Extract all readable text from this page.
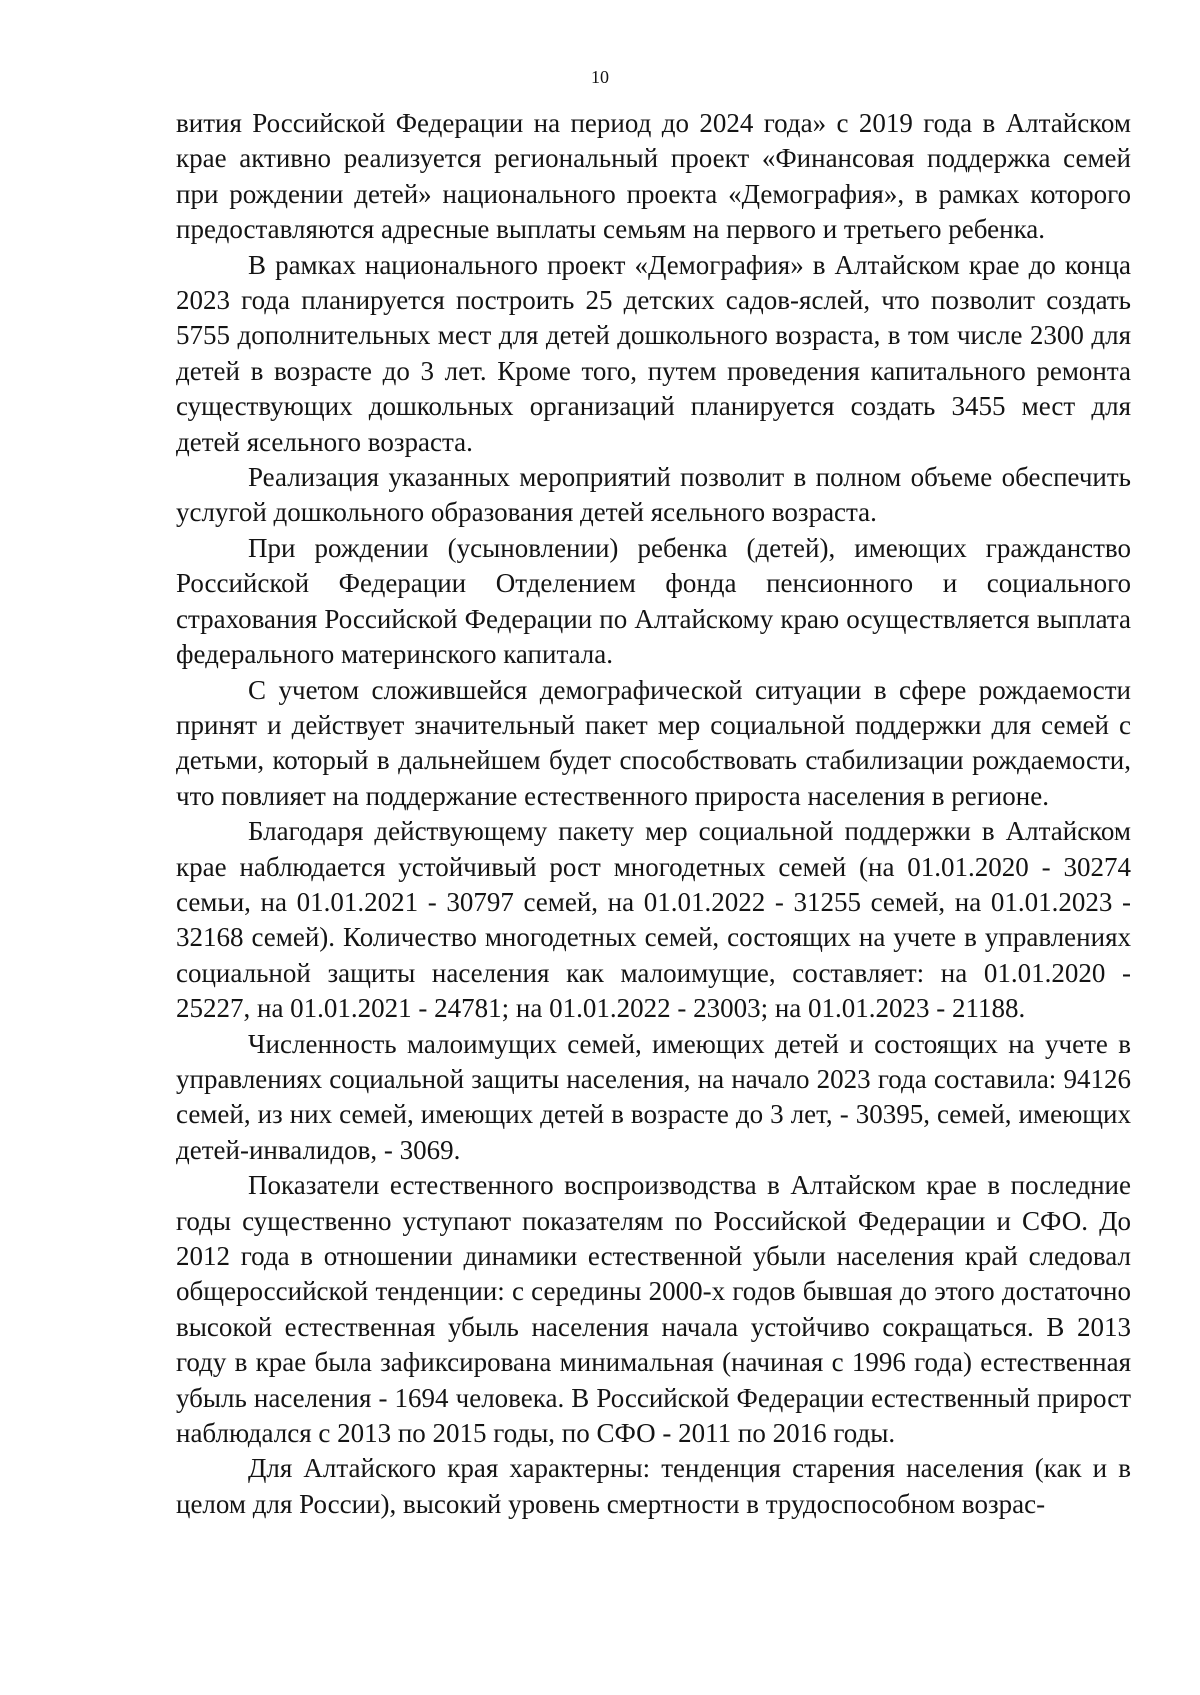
10

вития Российской Федерации на период до 2024 года» с 2019 года в Алтайском крае активно реализуется региональный проект «Финансовая поддержка семей при рождении детей» национального проекта «Демография», в рамках которого предоставляются адресные выплаты семьям на первого и третьего ребенка.

В рамках национального проект «Демография» в Алтайском крае до конца 2023 года планируется построить 25 детских садов-яслей, что позволит создать 5755 дополнительных мест для детей дошкольного возраста, в том числе 2300 для детей в возрасте до 3 лет. Кроме того, путем проведения капитального ремонта существующих дошкольных организаций планируется создать 3455 мест для детей ясельного возраста.

Реализация указанных мероприятий позволит в полном объеме обеспечить услугой дошкольного образования детей ясельного возраста.

При рождении (усыновлении) ребенка (детей), имеющих гражданство Российской Федерации Отделением фонда пенсионного и социального страхования Российской Федерации по Алтайскому краю осуществляется выплата федерального материнского капитала.

С учетом сложившейся демографической ситуации в сфере рождаемости принят и действует значительный пакет мер социальной поддержки для семей с детьми, который в дальнейшем будет способствовать стабилизации рождаемости, что повлияет на поддержание естественного прироста населения в регионе.

Благодаря действующему пакету мер социальной поддержки в Алтайском крае наблюдается устойчивый рост многодетных семей (на 01.01.2020 - 30274 семьи, на 01.01.2021 - 30797 семей, на 01.01.2022 - 31255 семей, на 01.01.2023 - 32168 семей). Количество многодетных семей, состоящих на учете в управлениях социальной защиты населения как малоимущие, составляет: на 01.01.2020 - 25227, на 01.01.2021 - 24781; на 01.01.2022 - 23003; на 01.01.2023 - 21188.

Численность малоимущих семей, имеющих детей и состоящих на учете в управлениях социальной защиты населения, на начало 2023 года составила: 94126 семей, из них семей, имеющих детей в возрасте до 3 лет, - 30395, семей, имеющих детей-инвалидов, - 3069.

Показатели естественного воспроизводства в Алтайском крае в последние годы существенно уступают показателям по Российской Федерации и СФО. До 2012 года в отношении динамики естественной убыли населения край следовал общероссийской тенденции: с середины 2000-х годов бывшая до этого достаточно высокой естественная убыль населения начала устойчиво сокращаться. В 2013 году в крае была зафиксирована минимальная (начиная с 1996 года) естественная убыль населения - 1694 человека. В Российской Федерации естественный прирост наблюдался с 2013 по 2015 годы, по СФО - 2011 по 2016 годы.

Для Алтайского края характерны: тенденция старения населения (как и в целом для России), высокий уровень смертности в трудоспособном возрас-
